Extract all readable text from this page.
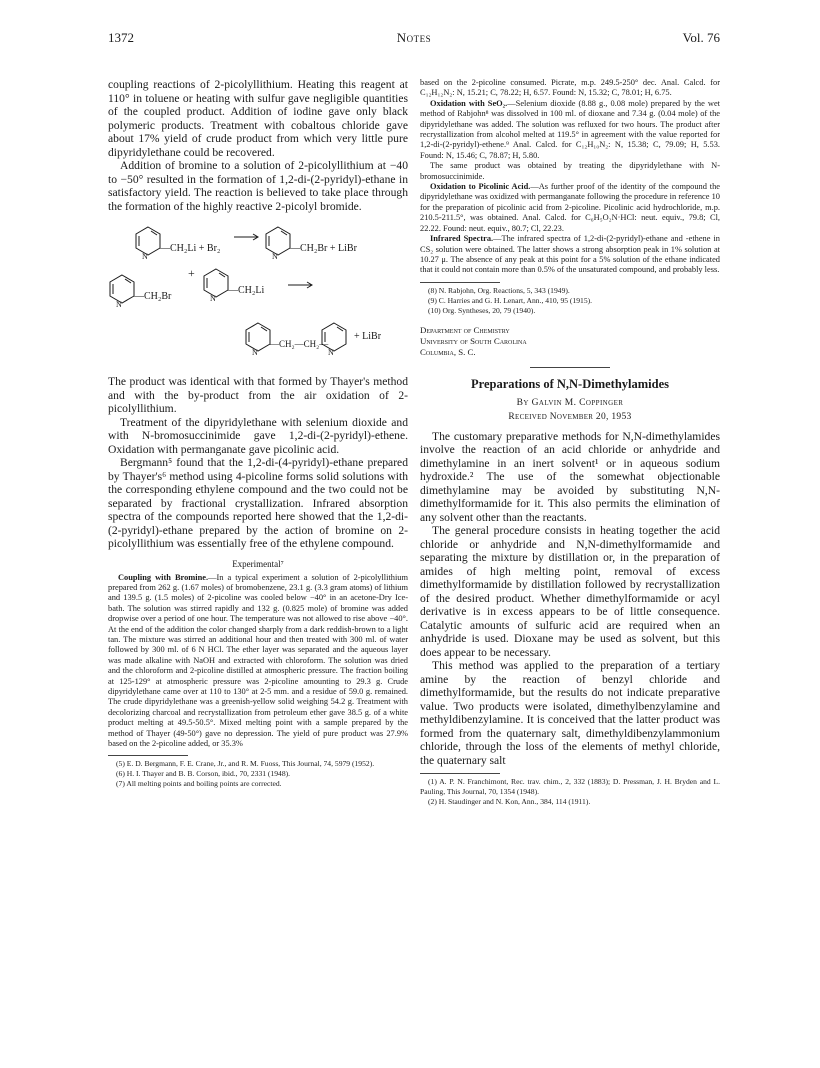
1372	Notes	Vol. 76

coupling reactions of 2-picolyllithium. Heating this reagent at 110° in toluene or heating with sulfur gave negligible quantities of the coupled product. Addition of iodine gave only black polymeric products. Treatment with cobaltous chloride gave about 17% yield of crude product from which very little pure dipyridylethane could be recovered.

Addition of bromine to a solution of 2-picolyllithium at −40 to −50° resulted in the formation of 1,2-di-(2-pyridyl)-ethane in satisfactory yield. The reaction is believed to take place through the formation of the highly reactive 2-picolyl bromide.

N
—CH₂Li + Br₂
N
—CH₂Br + LiBr
N
—CH₂Br
+
N
—CH₂Li
N
—CH₂—CH₂—
N
+ LiBr

The product was identical with that formed by Thayer's method and with the by-product from the air oxidation of 2-picolyllithium.

Treatment of the dipyridylethane with selenium dioxide and with N-bromosuccinimide gave 1,2-di-(2-pyridyl)-ethene. Oxidation with permanganate gave picolinic acid.

Bergmann⁵ found that the 1,2-di-(4-pyridyl)-ethane prepared by Thayer's⁶ method using 4-picoline forms solid solutions with the corresponding ethylene compound and the two could not be separated by fractional crystallization. Infrared absorption spectra of the compounds reported here showed that the 1,2-di-(2-pyridyl)-ethane prepared by the action of bromine on 2-picolyllithium was essentially free of the ethylene compound.

Experimental⁷

Coupling with Bromine.—In a typical experiment a solution of 2-picolyllithium prepared from 262 g. (1.67 moles) of bromobenzene, 23.1 g. (3.3 gram atoms) of lithium and 139.5 g. (1.5 moles) of 2-picoline was cooled below −40° in an acetone-Dry Ice-bath. The solution was stirred rapidly and 132 g. (0.825 mole) of bromine was added dropwise over a period of one hour. The temperature was not allowed to rise above −40°. At the end of the addition the color changed sharply from a dark reddish-brown to a light tan. The mixture was stirred an additional hour and then treated with 300 ml. of water followed by 300 ml. of 6 N HCl. The ether layer was separated and the aqueous layer was made alkaline with NaOH and extracted with chloroform. The solution was dried and the chloroform and 2-picoline distilled at atmospheric pressure. The fraction boiling at 125-129° at atmospheric pressure was 2-picoline amounting to 29.3 g. Crude dipyridylethane came over at 110 to 130° at 2-5 mm. and a residue of 59.0 g. remained. The crude dipyridylethane was a greenish-yellow solid weighing 54.2 g. Treatment with decolorizing charcoal and recrystallization from petroleum ether gave 38.5 g. of a white product melting at 49.5-50.5°. Mixed melting point with a sample prepared by the method of Thayer (49-50°) gave no depression. The yield of pure product was 27.9% based on the 2-picoline added, or 35.3%

(5) E. D. Bergmann, F. E. Crane, Jr., and R. M. Fuoss, This Journal, 74, 5979 (1952).

(6) H. I. Thayer and B. B. Corson, ibid., 70, 2331 (1948).

(7) All melting points and boiling points are corrected.

based on the 2-picoline consumed. Picrate, m.p. 249.5-250° dec. Anal. Calcd. for C₁₂H₁₂N₂: N, 15.21; C, 78.22; H, 6.57. Found: N, 15.32; C, 78.01; H, 6.75.

Oxidation with SeO₂.—Selenium dioxide (8.88 g., 0.08 mole) prepared by the wet method of Rabjohn⁸ was dissolved in 100 ml. of dioxane and 7.34 g. (0.04 mole) of the dipyridylethane was added. The solution was refluxed for two hours. The product after recrystallization from alcohol melted at 119.5° in agreement with the value reported for 1,2-di-(2-pyridyl)-ethene.⁹ Anal. Calcd. for C₁₂H₁₀N₂: N, 15.38; C, 79.09; H, 5.53. Found: N, 15.46; C, 78.87; H, 5.80.

The same product was obtained by treating the dipyridylethane with N-bromosuccinimide.

Oxidation to Picolinic Acid.—As further proof of the identity of the compound the dipyridylethane was oxidized with permanganate following the procedure in reference 10 for the preparation of picolinic acid from 2-picoline. Picolinic acid hydrochloride, m.p. 210.5-211.5°, was obtained. Anal. Calcd. for C₆H₅O₂N·HCl: neut. equiv., 79.8; Cl, 22.22. Found: neut. equiv., 80.7; Cl, 22.23.

Infrared Spectra.—The infrared spectra of 1,2-di-(2-pyridyl)-ethane and -ethene in CS₂ solution were obtained. The latter shows a strong absorption peak in 1% solution at 10.27 μ. The absence of any peak at this point for a 5% solution of the ethane indicated that it could not contain more than 0.5% of the unsaturated compound, and probably less.

(8) N. Rabjohn, Org. Reactions, 5, 343 (1949).

(9) C. Harries and G. H. Lenart, Ann., 410, 95 (1915).

(10) Org. Syntheses, 20, 79 (1940).

Department of Chemistry
University of South Carolina
Columbia, S. C.
Preparations of N,N-Dimethylamides
By Galvin M. Coppinger
Received November 20, 1953

The customary preparative methods for N,N-dimethylamides involve the reaction of an acid chloride or anhydride and dimethylamine in an inert solvent¹ or in aqueous sodium hydroxide.² The use of the somewhat objectionable dimethylamine may be avoided by substituting N,N-dimethylformamide for it. This also permits the elimination of any solvent other than the reactants.

The general procedure consists in heating together the acid chloride or anhydride and N,N-dimethylformamide and separating the mixture by distillation or, in the preparation of amides of high melting point, removal of excess dimethylformamide by distillation followed by recrystallization of the desired product. Whether dimethylformamide or acyl derivative is in excess appears to be of little consequence. Catalytic amounts of sulfuric acid are required when an anhydride is used. Dioxane may be used as solvent, but this does appear to be necessary.

This method was applied to the preparation of a tertiary amine by the reaction of benzyl chloride and dimethylformamide, but the results do not indicate preparative value. Two products were isolated, dimethylbenzylamine and methyldibenzylamine. It is conceived that the latter product was formed from the quaternary salt, dimethyldibenzylammonium chloride, through the loss of the elements of methyl chloride, the quaternary salt

(1) A. P. N. Franchimont, Rec. trav. chim., 2, 332 (1883); D. Pressman, J. H. Bryden and L. Pauling, This Journal, 70, 1354 (1948).

(2) H. Staudinger and N. Kon, Ann., 384, 114 (1911).
